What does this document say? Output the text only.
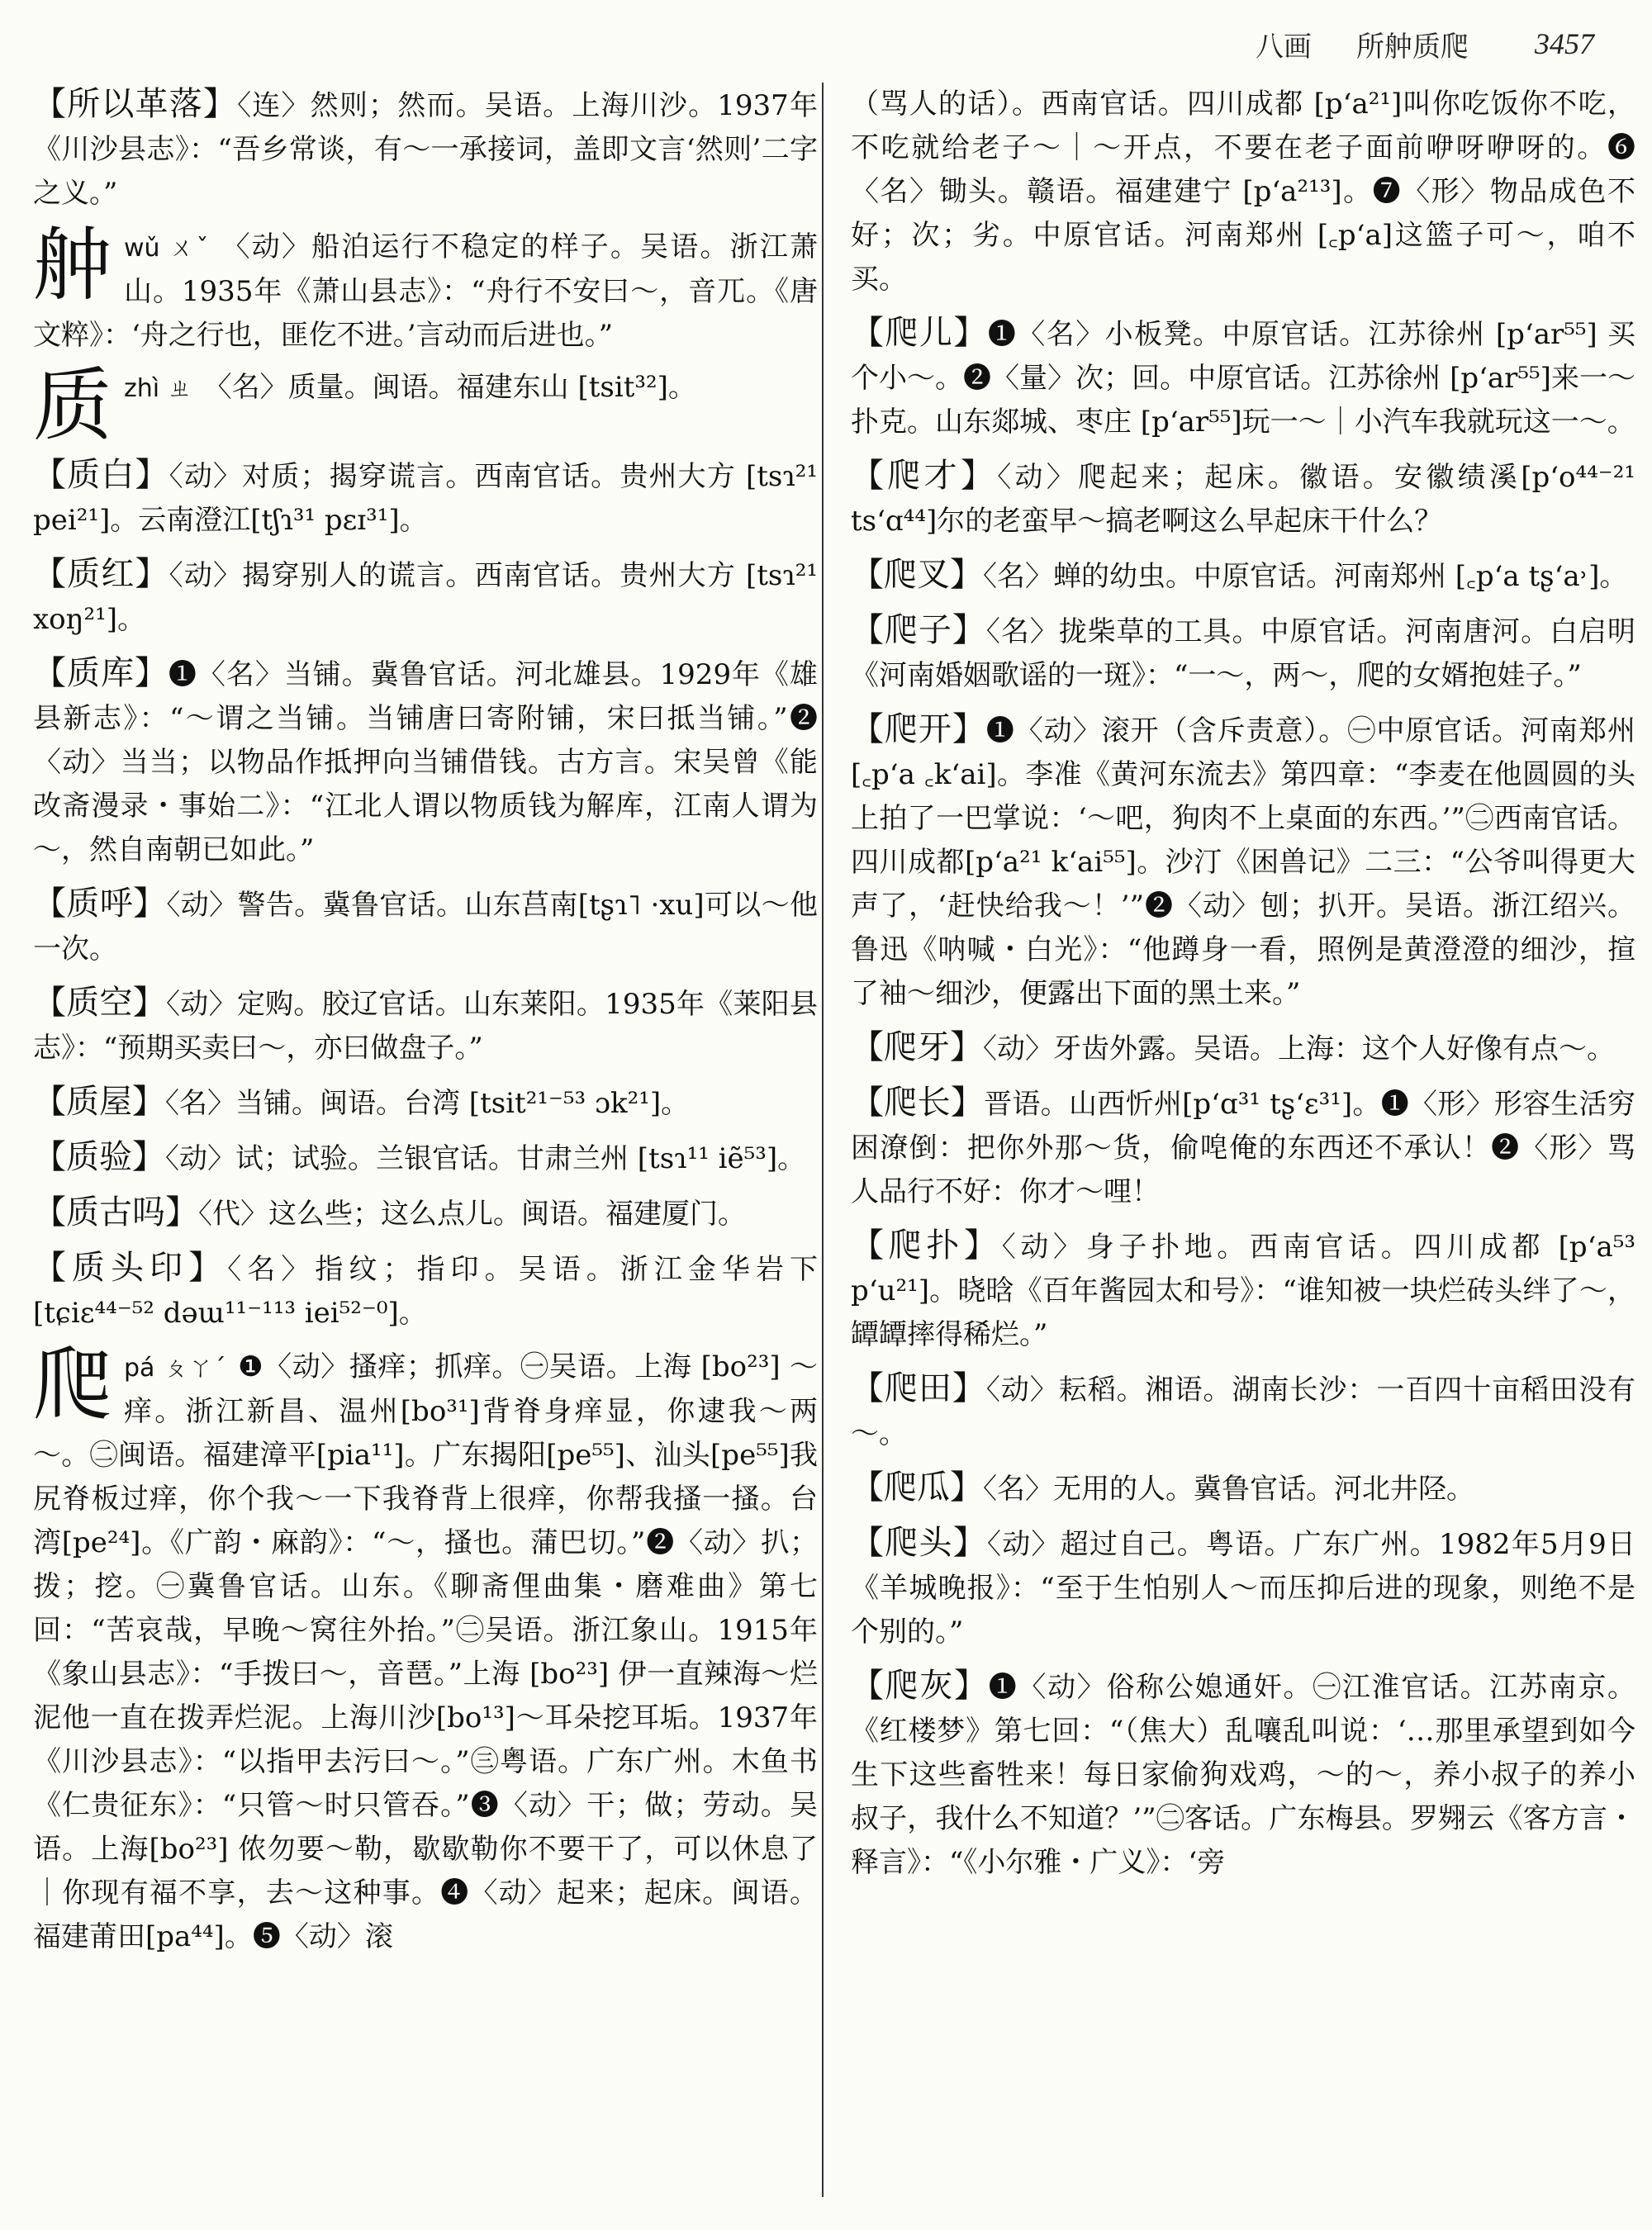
八画 所舯质爬 3457
【所以革落】〈连〉然则；然而。吴语。上海川沙。1937年《川沙县志》：“吾乡常谈，有～一承接词，盖即文言‘然则’二字之义。”
舯wǔ ㄨˇ 〈动〉船泊运行不稳定的样子。吴语。浙江萧山。1935年《萧山县志》：“舟行不安曰～，音兀。《唐文粹》：‘舟之行也，匪仡不进。’言动而后进也。”
质zhì ㄓ 〈名〉质量。闽语。福建东山 [tsit³²]。
【质白】〈动〉对质；揭穿谎言。西南官话。贵州大方 [tsɿ²¹ pei²¹]。云南澄江[tʃɿ³¹ pɛɪ³¹]。
【质红】〈动〉揭穿别人的谎言。西南官话。贵州大方 [tsɿ²¹ xoŋ²¹]。
【质库】❶〈名〉当铺。冀鲁官话。河北雄县。1929年《雄县新志》：“～谓之当铺。当铺唐曰寄附铺，宋曰抵当铺。”❷〈动〉当当；以物品作抵押向当铺借钱。古方言。宋吴曾《能改斋漫录・事始二》：“江北人谓以物质钱为解库，江南人谓为～，然自南朝已如此。”
【质呼】〈动〉警告。冀鲁官话。山东莒南[tʂɿ˥ ·xu]可以～他一次。
【质空】〈动〉定购。胶辽官话。山东莱阳。1935年《莱阳县志》：“预期买卖曰～，亦曰做盘子。”
【质屋】〈名〉当铺。闽语。台湾 [tsit²¹⁻⁵³ ɔk²¹]。
【质验】〈动〉试；试验。兰银官话。甘肃兰州 [tsɿ¹¹ iẽ⁵³]。
【质古吗】〈代〉这么些；这么点儿。闽语。福建厦门。
【质头印】〈名〉指纹；指印。吴语。浙江金华岩下 [tɕiɛ⁴⁴⁻⁵² dəɯ¹¹⁻¹¹³ iei⁵²⁻⁰]。
爬pá ㄆㄚˊ ❶〈动〉搔痒；抓痒。㊀吴语。上海 [bo²³] ～痒。浙江新昌、温州[bo³¹]背脊身痒显，你逮我～两～。㊁闽语。福建漳平[pia¹¹]。广东揭阳[pe⁵⁵]、汕头[pe⁵⁵]我尻脊板过痒，你个我～一下我脊背上很痒，你帮我搔一搔。台湾[pe²⁴]。《广韵・麻韵》：“～，搔也。蒲巴切。”❷〈动〉扒；拨；挖。㊀冀鲁官话。山东。《聊斋俚曲集・磨难曲》第七回：“苦哀哉，早晚～窝往外抬。”㊁吴语。浙江象山。1915年《象山县志》：“手拨曰～，音琶。”上海 [bo²³] 伊一直辣海～烂泥他一直在拨弄烂泥。上海川沙[bo¹³]～耳朵挖耳垢。1937年《川沙县志》：“以指甲去污曰～。”㊂粤语。广东广州。木鱼书《仁贵征东》：“只管～时只管吞。”❸〈动〉干；做；劳动。吴语。上海[bo²³] 侬勿要～勒，歇歇勒你不要干了，可以休息了｜你现有福不享，去～这种事。❹〈动〉起来；起床。闽语。福建莆田[pa⁴⁴]。❺〈动〉滚
（骂人的话）。西南官话。四川成都 [pʻa²¹]叫你吃饭你不吃，不吃就给老子～｜～开点，不要在老子面前咿呀咿呀的。❻〈名〉锄头。赣语。福建建宁 [pʻa²¹³]。❼〈形〉物品成色不好；次；劣。中原官话。河南郑州 [꜀pʻa]这篮子可～，咱不买。
【爬儿】❶〈名〉小板凳。中原官话。江苏徐州 [pʻar⁵⁵] 买个小～。❷〈量〉次；回。中原官话。江苏徐州 [pʻar⁵⁵]来一～扑克。山东郯城、枣庄 [pʻar⁵⁵]玩一～｜小汽车我就玩这一～。
【爬才】〈动〉爬起来；起床。徽语。安徽绩溪[pʻo⁴⁴⁻²¹ tsʻɑ⁴⁴]尔的老蛮早～搞老啊这么早起床干什么？
【爬叉】〈名〉蝉的幼虫。中原官话。河南郑州 [꜀pʻa tʂʻa˒]。
【爬子】〈名〉拢柴草的工具。中原官话。河南唐河。白启明《河南婚姻歌谣的一斑》：“一～，两～，爬的女婿抱娃子。”
【爬开】❶〈动〉滚开（含斥责意）。㊀中原官话。河南郑州[꜀pʻa ꜀kʻai]。李准《黄河东流去》第四章：“李麦在他圆圆的头上拍了一巴掌说：‘～吧，狗肉不上桌面的东西。’”㊁西南官话。四川成都[pʻa²¹ kʻai⁵⁵]。沙汀《困兽记》二三：“公爷叫得更大声了，‘赶快给我～！’”❷〈动〉刨；扒开。吴语。浙江绍兴。鲁迅《呐喊・白光》：“他蹲身一看，照例是黄澄澄的细沙，揎了袖～细沙，便露出下面的黑土来。”
【爬牙】〈动〉牙齿外露。吴语。上海：这个人好像有点～。
【爬长】晋语。山西忻州[pʻɑ³¹ tʂʻɛ³¹]。❶〈形〉形容生活穷困潦倒：把你外那～货，偷唣俺的东西还不承认！❷〈形〉骂人品行不好：你才～哩！
【爬扑】〈动〉身子扑地。西南官话。四川成都 [pʻa⁵³ pʻu²¹]。晓晗《百年酱园太和号》：“谁知被一块烂砖头绊了～，罈罈摔得稀烂。”
【爬田】〈动〉耘稻。湘语。湖南长沙：一百四十亩稻田没有～。
【爬瓜】〈名〉无用的人。冀鲁官话。河北井陉。
【爬头】〈动〉超过自己。粤语。广东广州。1982年5月9日《羊城晚报》：“至于生怕别人～而压抑后进的现象，则绝不是个别的。”
【爬灰】❶〈动〉俗称公媳通奸。㊀江淮官话。江苏南京。《红楼梦》第七回：“（焦大）乱嚷乱叫说：‘…那里承望到如今生下这些畜牲来！每日家偷狗戏鸡，～的～，养小叔子的养小叔子，我什么不知道？’”㊁客话。广东梅县。罗翙云《客方言・释言》：“《小尔雅・广义》：‘旁
